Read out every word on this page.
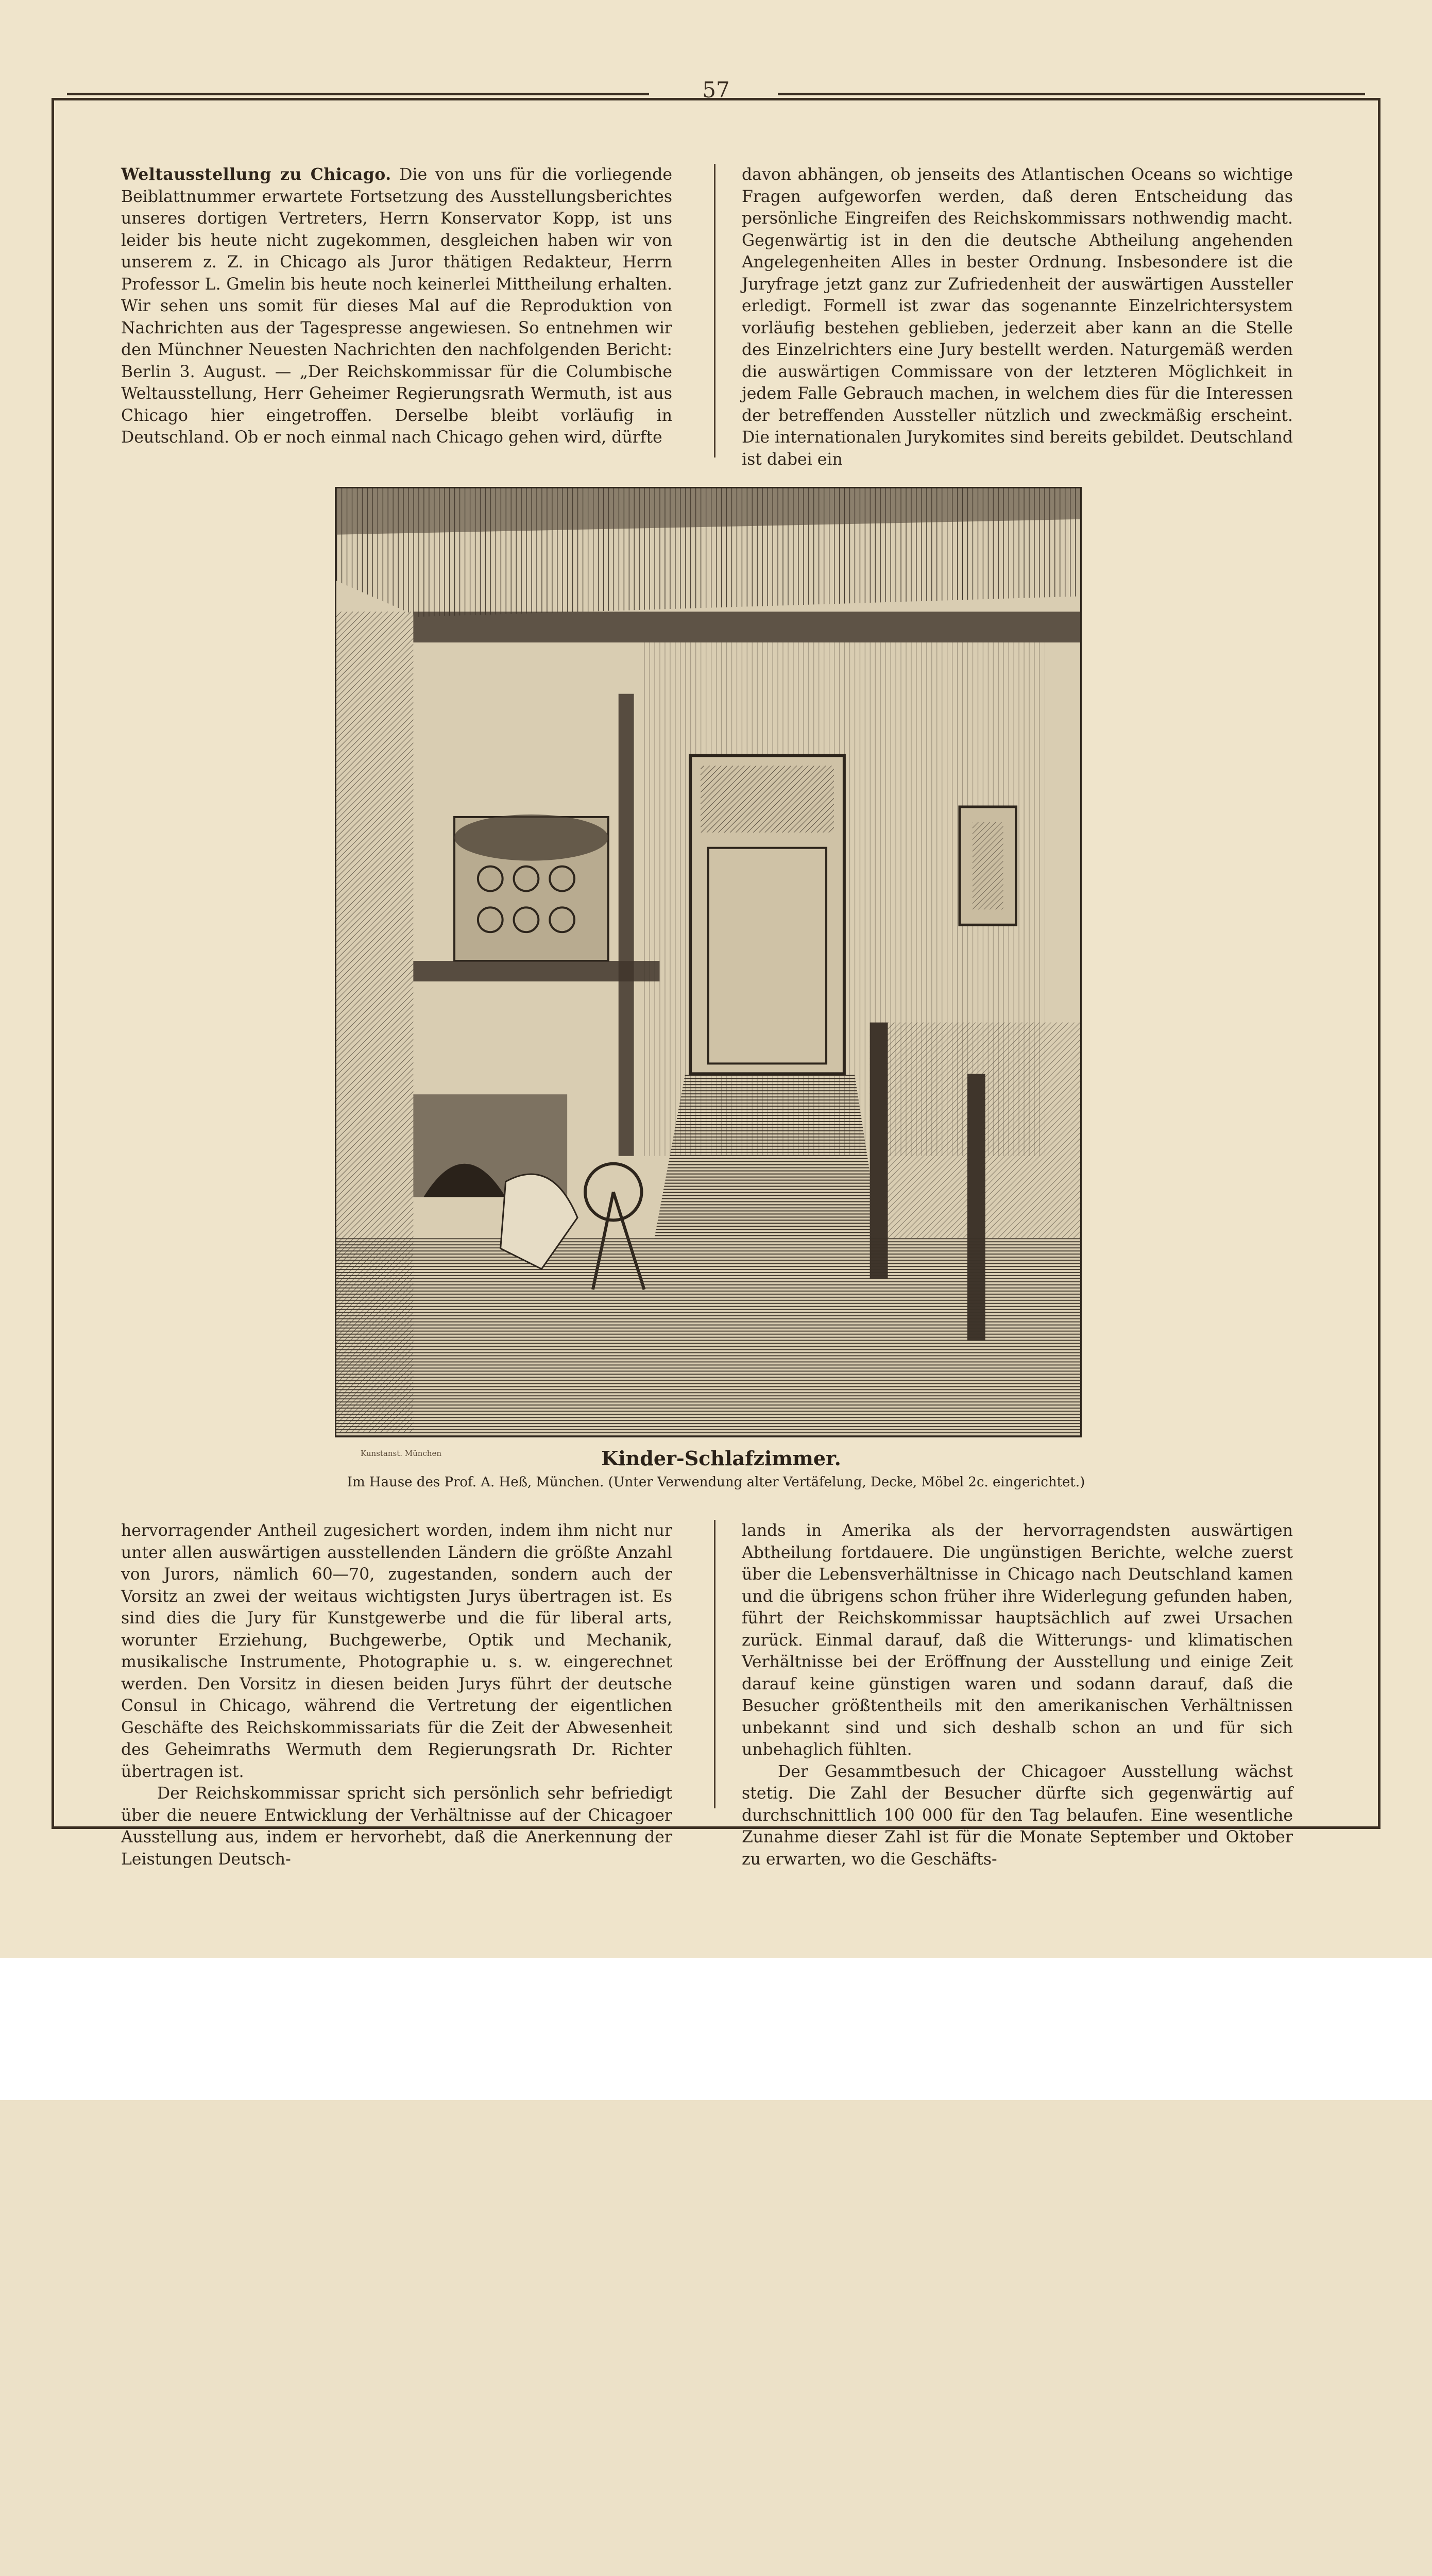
57

Weltausstellung zu Chicago. Die von uns für die vorliegende Beiblattnummer erwartete Fortsetzung des Ausstellungsberichtes unseres dortigen Vertreters, Herrn Konservator Kopp, ist uns leider bis heute nicht zugekommen, desgleichen haben wir von unserem z. Z. in Chicago als Juror thätigen Redakteur, Herrn Professor L. Gmelin bis heute noch keinerlei Mittheilung erhalten. Wir sehen uns somit für dieses Mal auf die Reproduktion von Nachrichten aus der Tagespresse angewiesen. So entnehmen wir den Münchner Neuesten Nachrichten den nachfolgenden Bericht: Berlin 3. August. — „Der Reichskommissar für die Columbische Weltausstellung, Herr Geheimer Regierungsrath Wermuth, ist aus Chicago hier eingetroffen. Derselbe bleibt vorläufig in Deutschland. Ob er noch einmal nach Chicago gehen wird, dürfte

davon abhängen, ob jenseits des Atlantischen Oceans so wichtige Fragen aufgeworfen werden, daß deren Entscheidung das persönliche Eingreifen des Reichskommissars nothwendig macht. Gegenwärtig ist in den die deutsche Abtheilung angehenden Angelegenheiten Alles in bester Ordnung. Insbesondere ist die Juryfrage jetzt ganz zur Zufriedenheit der auswärtigen Aussteller erledigt. Formell ist zwar das sogenannte Einzelrichtersystem vorläufig bestehen geblieben, jederzeit aber kann an die Stelle des Einzelrichters eine Jury bestellt werden. Naturgemäß werden die auswärtigen Commissare von der letzteren Möglichkeit in jedem Falle Gebrauch machen, in welchem dies für die Interessen der betreffenden Aussteller nützlich und zweckmäßig erscheint. Die internationalen Jurykomites sind bereits gebildet. Deutschland ist dabei ein

Kunstanst. München	Kinder-Schlafzimmer.
Im Hause des Prof. A. Heß, München. (Unter Verwendung alter Vertäfelung, Decke, Möbel 2c. eingerichtet.)

hervorragender Antheil zugesichert worden, indem ihm nicht nur unter allen auswärtigen ausstellenden Ländern die größte Anzahl von Jurors, nämlich 60—70, zugestanden, sondern auch der Vorsitz an zwei der weitaus wichtigsten Jurys übertragen ist. Es sind dies die Jury für Kunstgewerbe und die für liberal arts, worunter Erziehung, Buchgewerbe, Optik und Mechanik, musikalische Instrumente, Photographie u. s. w. eingerechnet werden. Den Vorsitz in diesen beiden Jurys führt der deutsche Consul in Chicago, während die Vertretung der eigentlichen Geschäfte des Reichskommissariats für die Zeit der Abwesenheit des Geheimraths Wermuth dem Regierungsrath Dr. Richter übertragen ist.

Der Reichskommissar spricht sich persönlich sehr befriedigt über die neuere Entwicklung der Verhältnisse auf der Chicagoer Ausstellung aus, indem er hervorhebt, daß die Anerkennung der Leistungen Deutsch-

lands in Amerika als der hervorragendsten auswärtigen Abtheilung fortdauere. Die ungünstigen Berichte, welche zuerst über die Lebensverhältnisse in Chicago nach Deutschland kamen und die übrigens schon früher ihre Widerlegung gefunden haben, führt der Reichskommissar hauptsächlich auf zwei Ursachen zurück. Einmal darauf, daß die Witterungs- und klimatischen Verhältnisse bei der Eröffnung der Ausstellung und einige Zeit darauf keine günstigen waren und sodann darauf, daß die Besucher größtentheils mit den amerikanischen Verhältnissen unbekannt sind und sich deshalb schon an und für sich unbehaglich fühlten.

Der Gesammtbesuch der Chicagoer Ausstellung wächst stetig. Die Zahl der Besucher dürfte sich gegenwärtig auf durchschnittlich 100 000 für den Tag belaufen. Eine wesentliche Zunahme dieser Zahl ist für die Monate September und Oktober zu erwarten, wo die Geschäfts-
